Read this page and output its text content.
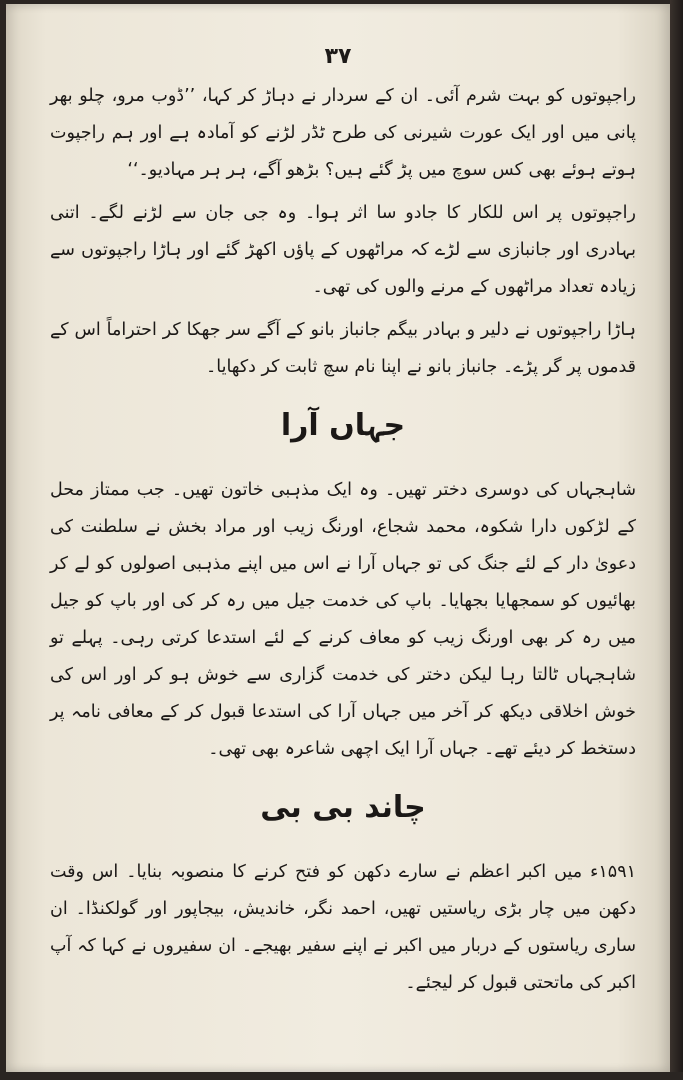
۳۷

راجپوتوں کو بہت شرم آئی۔ ان کے سردار نے دہاڑ کر کہا، ’’ڈوب مرو، چلو بھر پانی میں اور ایک عورت شیرنی کی طرح ٹڈر لڑنے کو آمادہ ہے اور ہم راجپوت ہوتے ہوئے بھی کس سوچ میں پڑ گئے ہیں؟ بڑھو آگے، ہر ہر مہادیو۔‘‘

راجپوتوں پر اس للکار کا جادو سا اثر ہوا۔ وہ جی جان سے لڑنے لگے۔ اتنی بہادری اور جانبازی سے لڑے کہ مراٹھوں کے پاؤں اکھڑ گئے اور ہاڑا راجپوتوں سے زیادہ تعداد مراٹھوں کے مرنے والوں کی تھی۔

ہاڑا راجپوتوں نے دلیر و بہادر بیگم جانباز بانو کے آگے سر جھکا کر احتراماً اس کے قدموں پر گر پڑے۔ جانباز بانو نے اپنا نام سچ ثابت کر دکھایا۔

جہاں آرا

شاہجہاں کی دوسری دختر تھیں۔ وہ ایک مذہبی خاتون تھیں۔ جب ممتاز محل کے لڑکوں دارا شکوہ، محمد شجاع، اورنگ زیب اور مراد بخش نے سلطنت کی دعویٰ دار کے لئے جنگ کی تو جہاں آرا نے اس میں اپنے مذہبی اصولوں کو لے کر بھائیوں کو سمجھایا بجھایا۔ باپ کی خدمت جیل میں رہ کر کی اور باپ کو جیل میں رہ کر بھی اورنگ زیب کو معاف کرنے کے لئے استدعا کرتی رہی۔ پہلے تو شاہجہاں ٹالتا رہا لیکن دختر کی خدمت گزاری سے خوش ہو کر اور اس کی خوش اخلاقی دیکھ کر آخر میں جہاں آرا کی استدعا قبول کر کے معافی نامہ پر دستخط کر دیئے تھے۔ جہاں آرا ایک اچھی شاعرہ بھی تھی۔

چاند بی بی

۱۵۹۱ء میں اکبر اعظم نے سارے دکھن کو فتح کرنے کا منصوبہ بنایا۔ اس وقت دکھن میں چار بڑی ریاستیں تھیں، احمد نگر، خاندیش، بیجاپور اور گولکنڈا۔ ان ساری ریاستوں کے دربار میں اکبر نے اپنے سفیر بھیجے۔ ان سفیروں نے کہا کہ آپ اکبر کی ماتحتی قبول کر لیجئے۔
